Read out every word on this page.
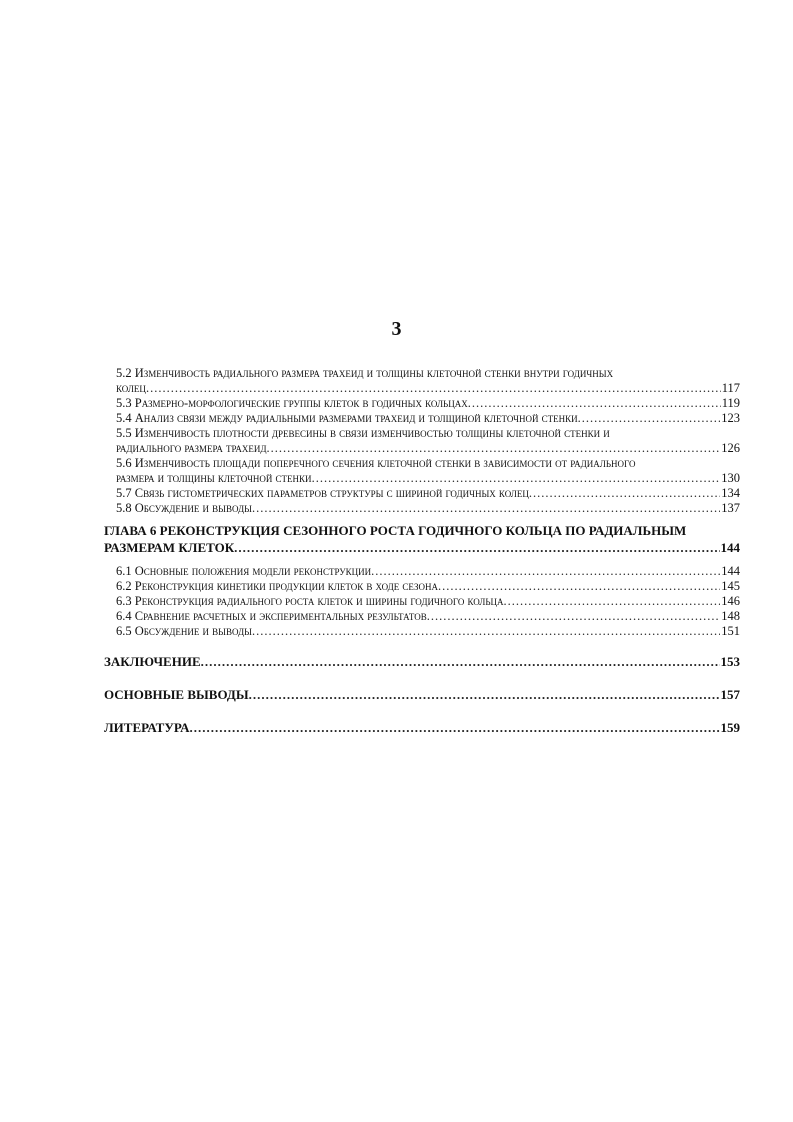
3
5.2 Изменчивость радиального размера трахеид и толщины клеточной стенки внутри годичных
колец .....	117
5.3 Размерно-морфологические группы клеток в годичных кольцах .....	119
5.4 Анализ связи между радиальными размерами трахеид и толщиной клеточной стенки .....	123
5.5 Изменчивость плотности древесины в связи изменчивостью толщины клеточной стенки и
радиального размера трахеид .....	126
5.6 Изменчивость площади поперечного сечения клеточной стенки в зависимости от радиального
размера и толщины клеточной стенки .....	130
5.7 Связь гистометрических параметров структуры с шириной годичных колец .....	134
5.8 Обсуждение и выводы .....	137
ГЛАВА 6 РЕКОНСТРУКЦИЯ СЕЗОННОГО РОСТА ГОДИЧНОГО КОЛЬЦА ПО РАДИАЛЬНЫМ
РАЗМЕРАМ КЛЕТОК .....	144
6.1 Основные положения модели реконструкции .....	144
6.2 Реконструкция кинетики продукции клеток в ходе сезона .....	145
6.3 Реконструкция радиального роста клеток и ширины годичного кольца .....	146
6.4 Сравнение расчетных и экспериментальных результатов .....	148
6.5 Обсуждение и выводы .....	151
ЗАКЛЮЧЕНИЕ .....	153
ОСНОВНЫЕ ВЫВОДЫ .....	157
ЛИТЕРАТУРА .....	159
